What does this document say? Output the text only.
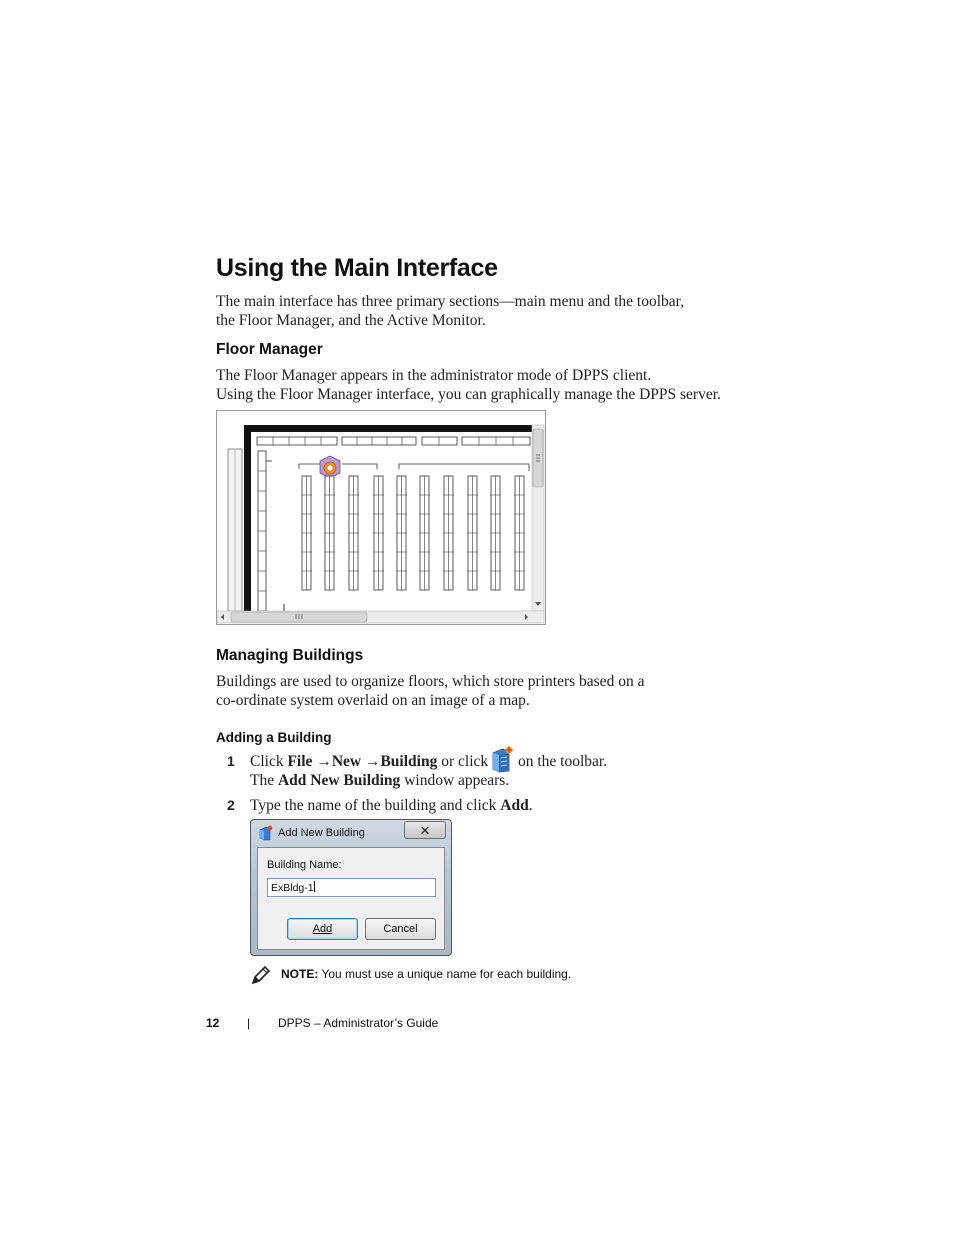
Using the Main Interface

The main interface has three primary sections—main menu and the toolbar,
the Floor Manager, and the Active Monitor.

Floor Manager

The Floor Manager appears in the administrator mode of DPPS client.
Using the Floor Manager interface, you can graphically manage the DPPS server.

Managing Buildings

Buildings are used to organize floors, which store printers based on a
co-ordinate system overlaid on an image of a map.

Adding a Building
1 Click File →New →Building or click on the toolbar.
The Add New Building window appears.
2 Type the name of the building and click Add.
Add New Building	✕
Building Name:
ExBldg-1
Add	Cancel
NOTE: You must use a unique name for each building.
12 | DPPS – Administrator’s Guide
